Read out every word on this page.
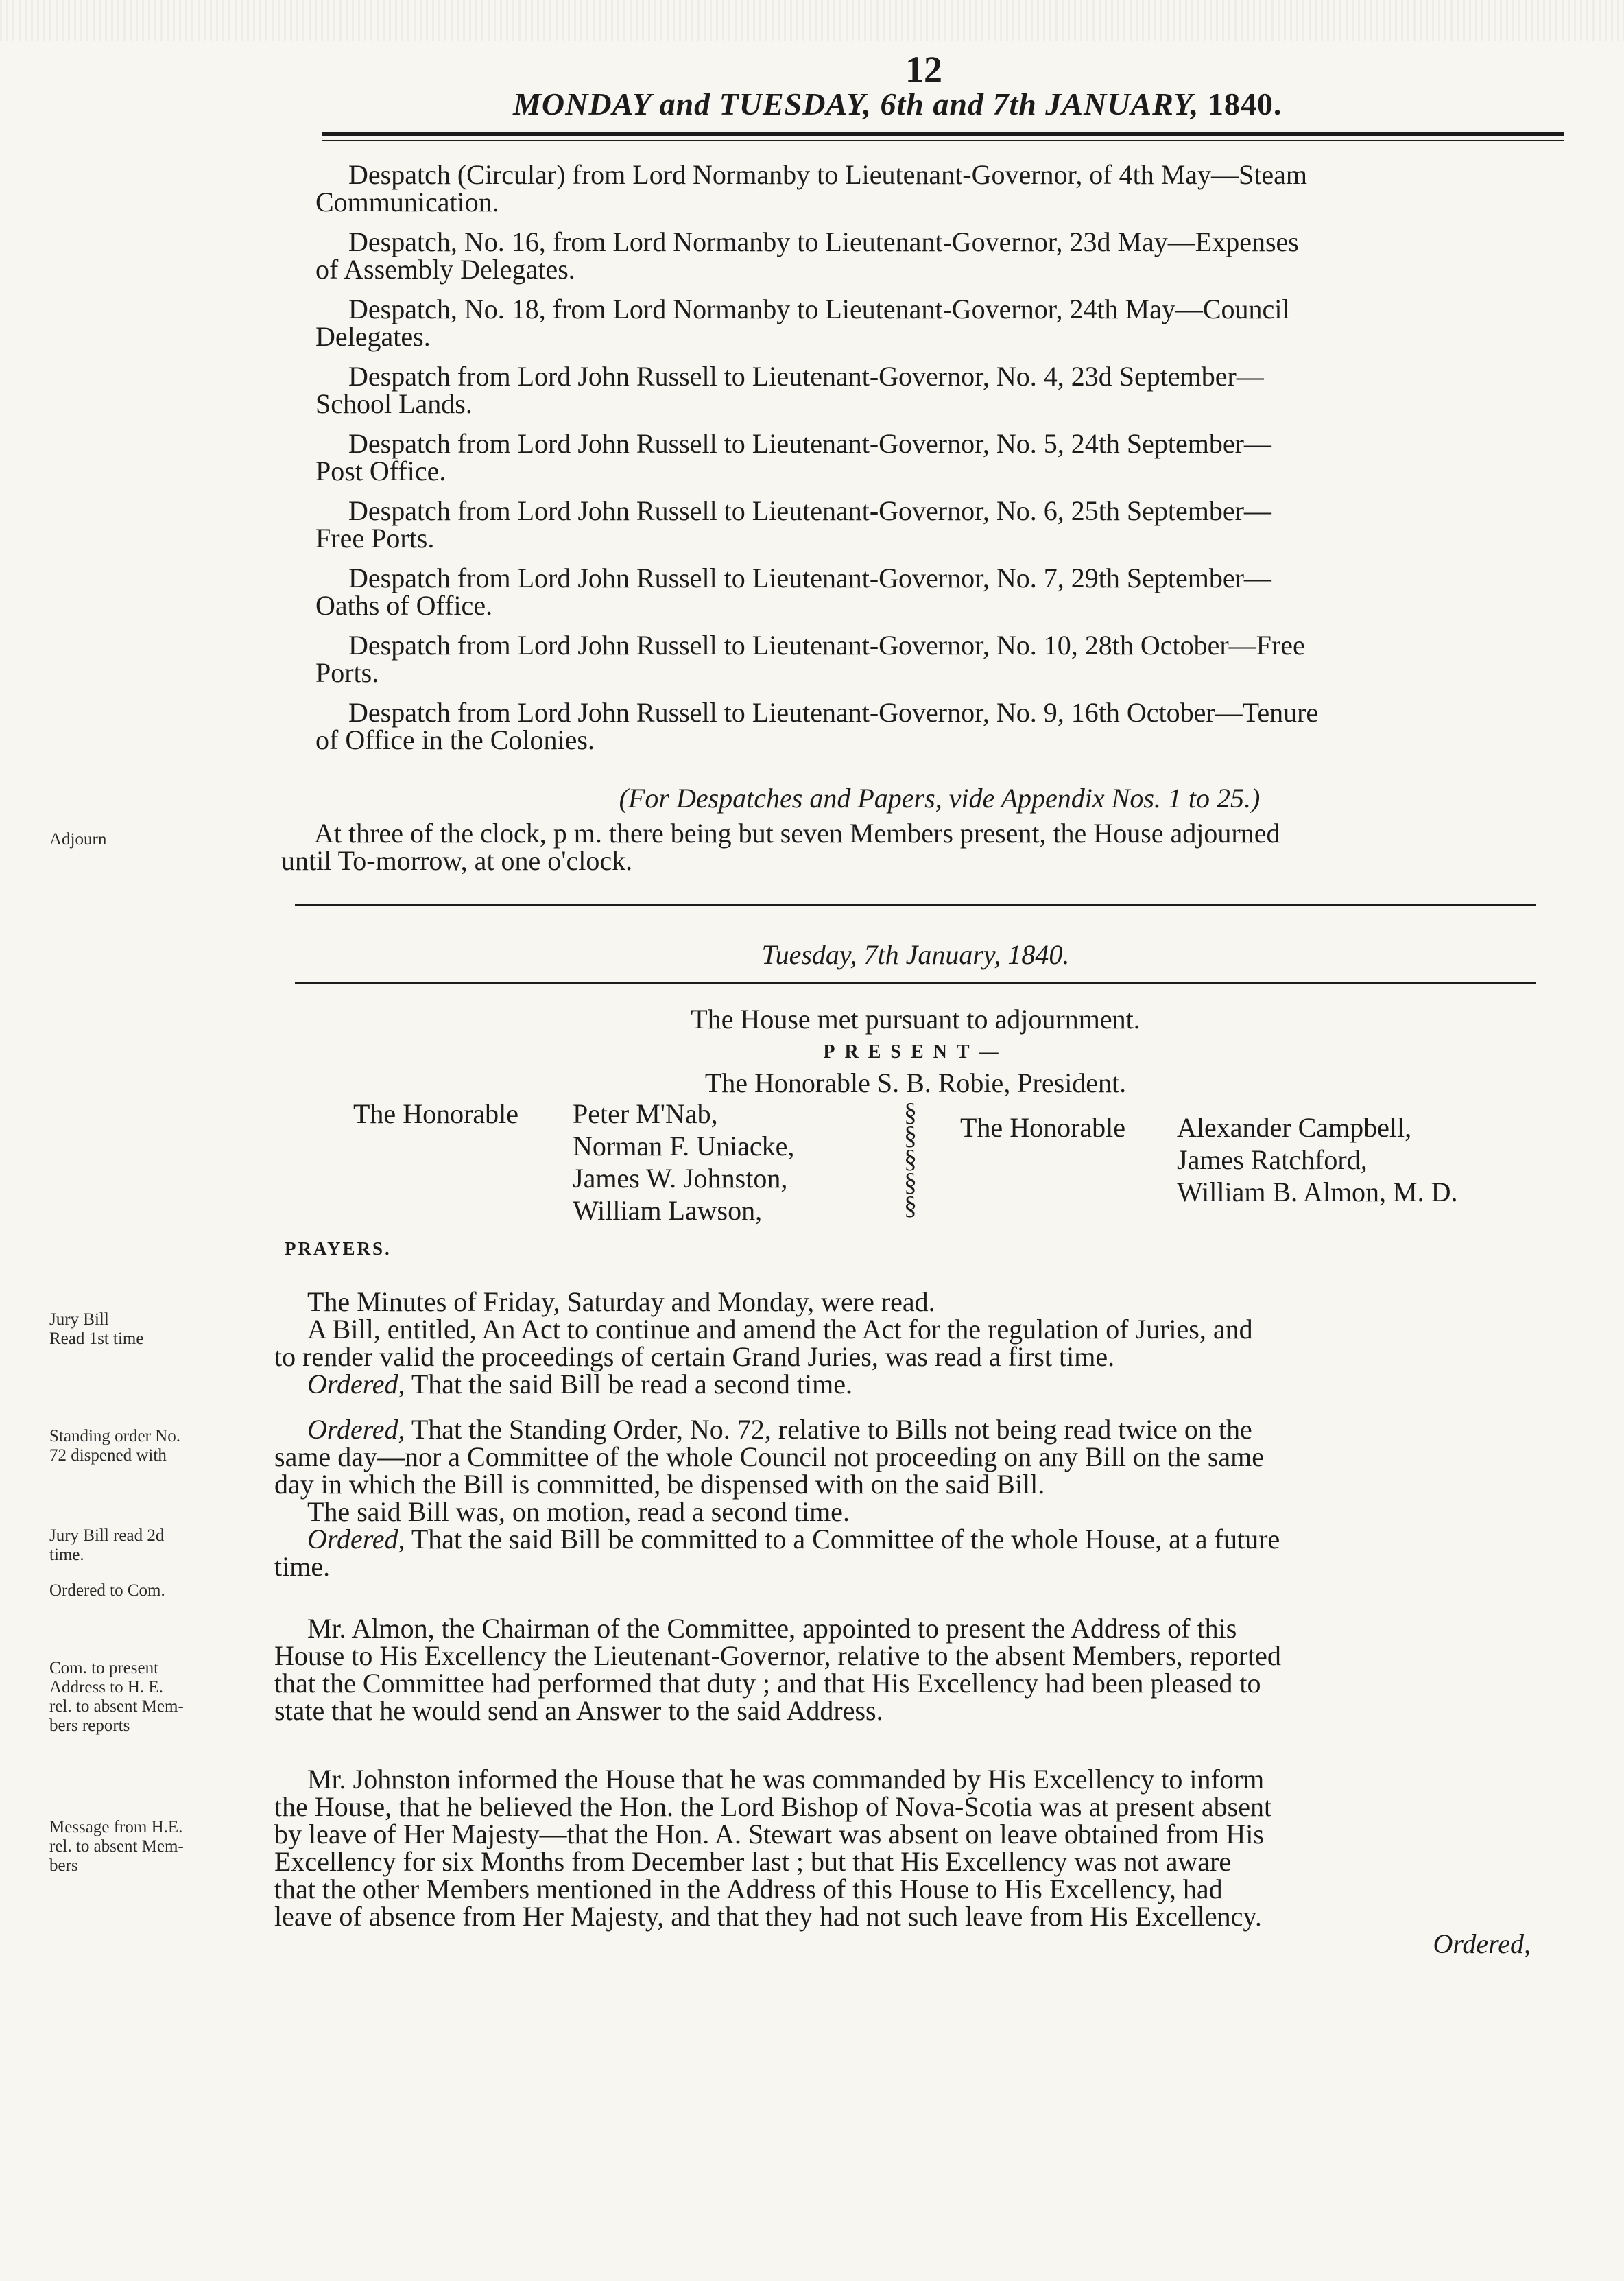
12
MONDAY and TUESDAY, 6th and 7th JANUARY, 1840.
Despatch (Circular) from Lord Normanby to Lieutenant-Governor, of 4th May—Steam
Communication.
Despatch, No. 16, from Lord Normanby to Lieutenant-Governor, 23d May—Expenses
of Assembly Delegates.
Despatch, No. 18, from Lord Normanby to Lieutenant-Governor, 24th May—Council
Delegates.
Despatch from Lord John Russell to Lieutenant-Governor, No. 4, 23d September—
School Lands.
Despatch from Lord John Russell to Lieutenant-Governor, No. 5, 24th September—
Post Office.
Despatch from Lord John Russell to Lieutenant-Governor, No. 6, 25th September—
Free Ports.
Despatch from Lord John Russell to Lieutenant-Governor, No. 7, 29th September—
Oaths of Office.
Despatch from Lord John Russell to Lieutenant-Governor, No. 10, 28th October—Free
Ports.
Despatch from Lord John Russell to Lieutenant-Governor, No. 9, 16th October—Tenure
of Office in the Colonies.
(For Despatches and Papers, vide Appendix Nos. 1 to 25.)
Adjourn	At three of the clock, p m. there being but seven Members present, the House adjourned
until To-morrow, at one o'clock.
Tuesday, 7th January, 1840.
The House met pursuant to adjournment.
PRESENT—
The Honorable S. B. Robie, President.
The Honorable Peter M'Nab,
Norman F. Uniacke,
James W. Johnston,
William Lawson,
§
§
§
§
§
The Honorable Alexander Campbell,
James Ratchford,
William B. Almon, M. D.
PRAYERS.
Jury Bill
Read 1st time
Standing order No.
72 dispened with
Jury Bill read 2d
time.
Ordered to Com.
Com. to present
Address to H. E.
rel. to absent Mem-
bers reports
Message from H.E.
rel. to absent Mem-
bers
The Minutes of Friday, Saturday and Monday, were read.
A Bill, entitled, An Act to continue and amend the Act for the regulation of Juries, and
to render valid the proceedings of certain Grand Juries, was read a first time.
Ordered, That the said Bill be read a second time.
Ordered, That the Standing Order, No. 72, relative to Bills not being read twice on the
same day—nor a Committee of the whole Council not proceeding on any Bill on the same
day in which the Bill is committed, be dispensed with on the said Bill.
The said Bill was, on motion, read a second time.
Ordered, That the said Bill be committed to a Committee of the whole House, at a future
time.
Mr. Almon, the Chairman of the Committee, appointed to present the Address of this
House to His Excellency the Lieutenant-Governor, relative to the absent Members, reported
that the Committee had performed that duty ; and that His Excellency had been pleased to
state that he would send an Answer to the said Address.
Mr. Johnston informed the House that he was commanded by His Excellency to inform
the House, that he believed the Hon. the Lord Bishop of Nova-Scotia was at present absent
by leave of Her Majesty—that the Hon. A. Stewart was absent on leave obtained from His
Excellency for six Months from December last ; but that His Excellency was not aware
that the other Members mentioned in the Address of this House to His Excellency, had
leave of absence from Her Majesty, and that they had not such leave from His Excellency.
Ordered,
